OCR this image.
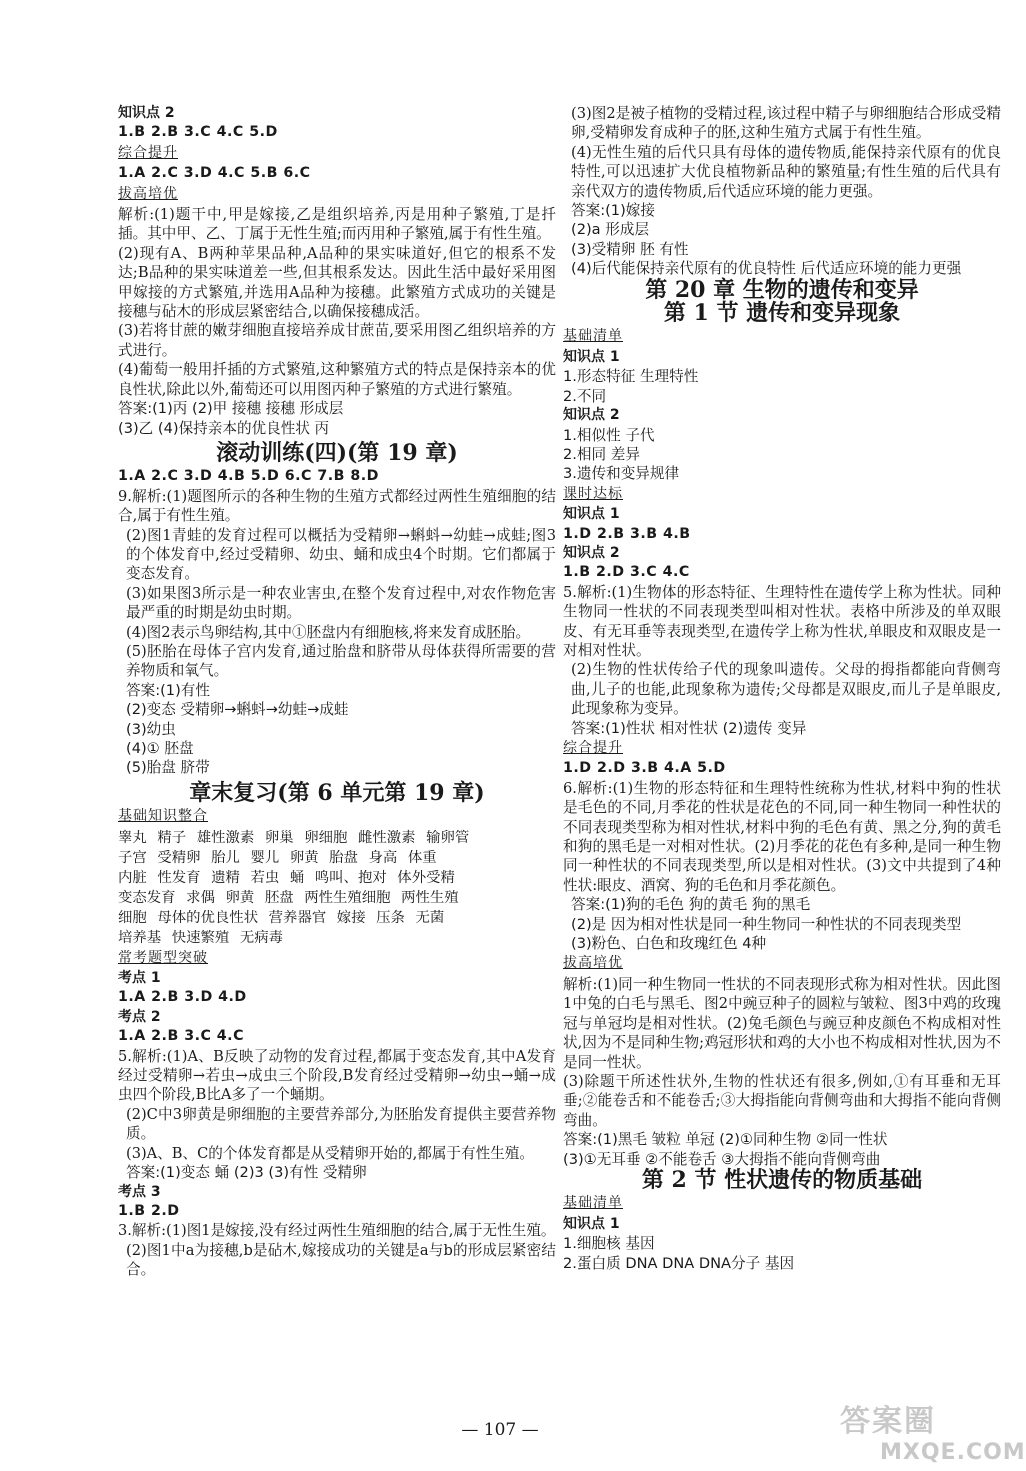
知识点 2

1.B 2.B 3.C 4.C 5.D

综合提升

1.A 2.C 3.D 4.C 5.B 6.C

拔高培优

解析:(1)题干中,甲是嫁接,乙是组织培养,丙是用种子繁殖,丁是扦插。其中甲、乙、丁属于无性生殖;而丙用种子繁殖,属于有性生殖。

(2)现有A、B两种苹果品种,A品种的果实味道好,但它的根系不发达;B品种的果实味道差一些,但其根系发达。因此生活中最好采用图甲嫁接的方式繁殖,并选用A品种为接穗。此繁殖方式成功的关键是接穗与砧木的形成层紧密结合,以确保接穗成活。

(3)若将甘蔗的嫩芽细胞直接培养成甘蔗苗,要采用图乙组织培养的方式进行。

(4)葡萄一般用扦插的方式繁殖,这种繁殖方式的特点是保持亲本的优良性状,除此以外,葡萄还可以用图丙种子繁殖的方式进行繁殖。

答案:(1)丙 (2)甲 接穗 接穗 形成层

(3)乙 (4)保持亲本的优良性状 丙

滚动训练(四)(第 19 章)

1.A 2.C 3.D 4.B 5.D 6.C 7.B 8.D

9.解析:(1)题图所示的各种生物的生殖方式都经过两性生殖细胞的结合,属于有性生殖。

(2)图1青蛙的发育过程可以概括为受精卵→蝌蚪→幼蛙→成蛙;图3的个体发育中,经过受精卵、幼虫、蛹和成虫4个时期。它们都属于变态发育。

(3)如果图3所示是一种农业害虫,在整个发育过程中,对农作物危害最严重的时期是幼虫时期。

(4)图2表示鸟卵结构,其中①胚盘内有细胞核,将来发育成胚胎。

(5)胚胎在母体子宫内发育,通过胎盘和脐带从母体获得所需要的营养物质和氧气。

答案:(1)有性

(2)变态 受精卵→蝌蚪→幼蛙→成蛙

(3)幼虫

(4)① 胚盘

(5)胎盘 脐带

章末复习(第 6 单元第 19 章)

基础知识整合

睾丸 精子 雄性激素 卵巢 卵细胞 雌性激素 输卵管

子宫 受精卵 胎儿 婴儿 卵黄 胎盘 身高 体重

内脏 性发育 遗精 若虫 蛹 鸣叫、抱对 体外受精

变态发育 求偶 卵黄 胚盘 两性生殖细胞 两性生殖

细胞 母体的优良性状 营养器官 嫁接 压条 无菌

培养基 快速繁殖 无病毒

常考题型突破

考点 1

1.A 2.B 3.D 4.D

考点 2

1.A 2.B 3.C 4.C

5.解析:(1)A、B反映了动物的发育过程,都属于变态发育,其中A发育经过受精卵→若虫→成虫三个阶段,B发育经过受精卵→幼虫→蛹→成虫四个阶段,B比A多了一个蛹期。

(2)C中3卵黄是卵细胞的主要营养部分,为胚胎发育提供主要营养物质。

(3)A、B、C的个体发育都是从受精卵开始的,都属于有性生殖。

答案:(1)变态 蛹 (2)3 (3)有性 受精卵

考点 3

1.B 2.D

3.解析:(1)图1是嫁接,没有经过两性生殖细胞的结合,属于无性生殖。

(2)图1中a为接穗,b是砧木,嫁接成功的关键是a与b的形成层紧密结合。

(3)图2是被子植物的受精过程,该过程中精子与卵细胞结合形成受精卵,受精卵发育成种子的胚,这种生殖方式属于有性生殖。

(4)无性生殖的后代只具有母体的遗传物质,能保持亲代原有的优良特性,可以迅速扩大优良植物新品种的繁殖量;有性生殖的后代具有亲代双方的遗传物质,后代适应环境的能力更强。

答案:(1)嫁接

(2)a 形成层

(3)受精卵 胚 有性

(4)后代能保持亲代原有的优良特性 后代适应环境的能力更强

第 20 章 生物的遗传和变异

第 1 节 遗传和变异现象

基础清单

知识点 1

1.形态特征 生理特性

2.不同

知识点 2

1.相似性 子代

2.相同 差异

3.遗传和变异规律

课时达标

知识点 1

1.D 2.B 3.B 4.B

知识点 2

1.B 2.D 3.C 4.C

5.解析:(1)生物体的形态特征、生理特性在遗传学上称为性状。同种生物同一性状的不同表现类型叫相对性状。表格中所涉及的单双眼皮、有无耳垂等表现类型,在遗传学上称为性状,单眼皮和双眼皮是一对相对性状。

(2)生物的性状传给子代的现象叫遗传。父母的拇指都能向背侧弯曲,儿子的也能,此现象称为遗传;父母都是双眼皮,而儿子是单眼皮,此现象称为变异。

答案:(1)性状 相对性状 (2)遗传 变异

综合提升

1.D 2.D 3.B 4.A 5.D

6.解析:(1)生物的形态特征和生理特性统称为性状,材料中狗的性状是毛色的不同,月季花的性状是花色的不同,同一种生物同一种性状的不同表现类型称为相对性状,材料中狗的毛色有黄、黑之分,狗的黄毛和狗的黑毛是一对相对性状。(2)月季花的花色有多种,是同一种生物同一种性状的不同表现类型,所以是相对性状。(3)文中共提到了4种性状:眼皮、酒窝、狗的毛色和月季花颜色。

答案:(1)狗的毛色 狗的黄毛 狗的黑毛

(2)是 因为相对性状是同一种生物同一种性状的不同表现类型

(3)粉色、白色和玫瑰红色 4种

拔高培优

解析:(1)同一种生物同一性状的不同表现形式称为相对性状。因此图1中兔的白毛与黑毛、图2中豌豆种子的圆粒与皱粒、图3中鸡的玫瑰冠与单冠均是相对性状。(2)兔毛颜色与豌豆种皮颜色不构成相对性状,因为不是同种生物;鸡冠形状和鸡的大小也不构成相对性状,因为不是同一性状。

(3)除题干所述性状外,生物的性状还有很多,例如,①有耳垂和无耳垂;②能卷舌和不能卷舌;③大拇指能向背侧弯曲和大拇指不能向背侧弯曲。

答案:(1)黑毛 皱粒 单冠 (2)①同种生物 ②同一性状

(3)①无耳垂 ②不能卷舌 ③大拇指不能向背侧弯曲

第 2 节 性状遗传的物质基础

基础清单

知识点 1

1.细胞核 基因

2.蛋白质 DNA DNA DNA分子 基因

— 107 —	答案圈
MXQE.COM
